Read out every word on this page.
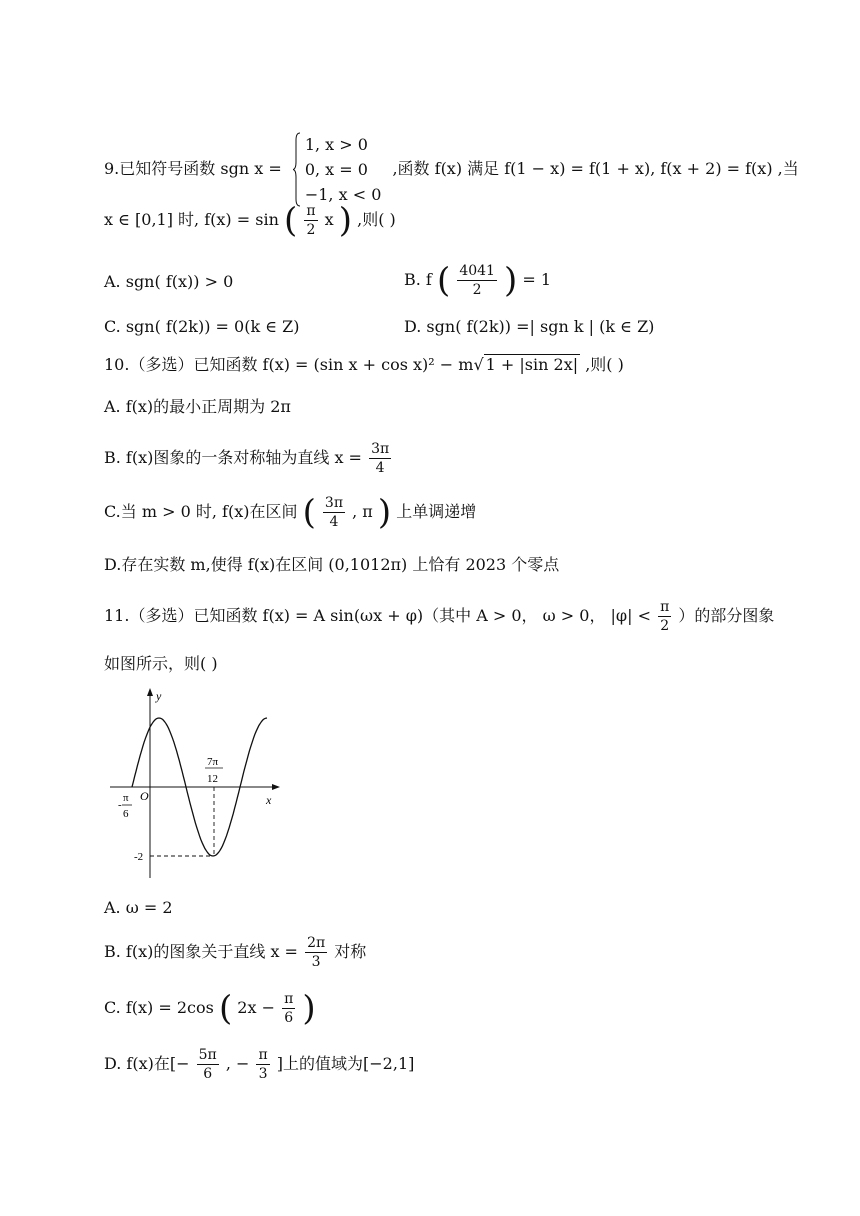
9.已知符号函数 sgn x =
1, x > 0
0, x = 0
−1, x < 0
,函数 f(x) 满足 f(1 − x) = f(1 + x), f(x + 2) = f(x) ,当
x ∈ [0,1] 时, f(x) = sin ( $\frac{\pi}{2}$ x ) ,则( )
A. sgn( f(x)) > 0	B. f ( $\frac{4041}{2}$ ) = 1
C. sgn( f(2k)) = 0(k ∈ Z)	D. sgn( f(2k)) =| sgn k | (k ∈ Z)
10.（多选）已知函数 f(x) = (sin x + cos x)² − m√ 1 + |sin 2x| ,则( )
A. f(x)的最小正周期为 2π
B. f(x)图象的一条对称轴为直线 $x = \frac{3\pi}{4}$
C.当 m > 0 时, f(x)在区间 ( $\frac{3\pi}{4}$ , π ) 上单调递增
D.存在实数 m,使得 f(x)在区间 (0,1012π) 上恰有 2023 个零点
11.（多选）已知函数 f(x) = A sin(ωx + φ)（其中 A > 0， ω > 0， $|\varphi| < \frac{\pi}{2}$ ）的部分图象
如图所示，则( )
y
x
O
-
π
6
7π
12
-2
A. ω = 2
B. f(x)的图象关于直线 $x = \frac{2\pi}{3}$ 对称
C. f(x) = 2cos ( $2x - \frac{\pi}{6}$ )
D. f(x)在[− $\frac{5\pi}{6}$ , − $\frac{\pi}{3}$ ]上的值域为[−2,1]
